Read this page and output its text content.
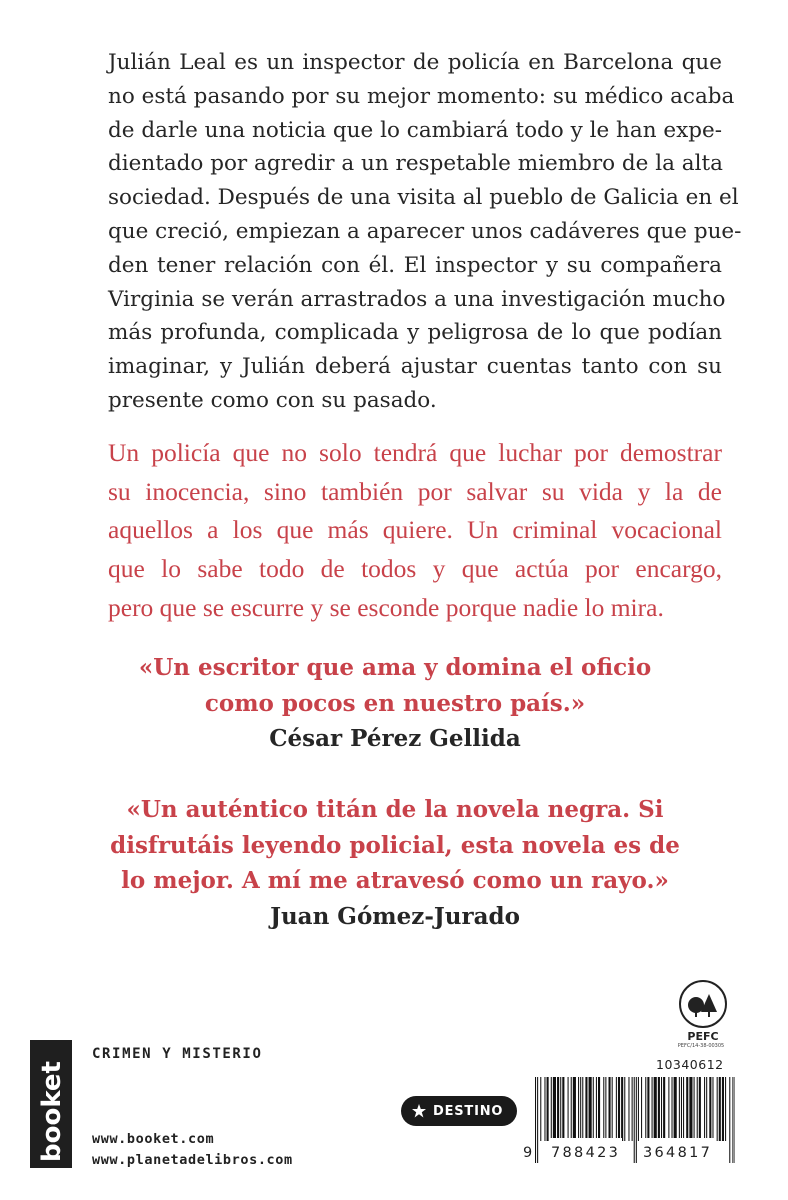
Julián Leal es un inspector de policía en Barcelona que
no está pasando por su mejor momento: su médico acaba
de darle una noticia que lo cambiará todo y le han expe-
dientado por agredir a un respetable miembro de la alta
sociedad. Después de una visita al pueblo de Galicia en el
que creció, empiezan a aparecer unos cadáveres que pue-
den tener relación con él. El inspector y su compañera
Virginia se verán arrastrados a una investigación mucho
más profunda, complicada y peligrosa de lo que podían
imaginar, y Julián deberá ajustar cuentas tanto con su
presente como con su pasado.
Un policía que no solo tendrá que luchar por demostrar
su inocencia, sino también por salvar su vida y la de
aquellos a los que más quiere. Un criminal vocacional
que lo sabe todo de todos y que actúa por encargo,
pero que se escurre y se esconde porque nadie lo mira.
«Un escritor que ama y domina el oficio
como pocos en nuestro país.»
César Pérez Gellida
«Un auténtico titán de la novela negra. Si
disfrutáis leyendo policial, esta novela es de
lo mejor. A mí me atravesó como un rayo.»
Juan Gómez-Jurado
booket
CRIMEN Y MISTERIO
www.booket.com
www.planetadelibros.com
DESTINO
PEFC
PEFC/14-38-00305
10340612
9 788423 364817
